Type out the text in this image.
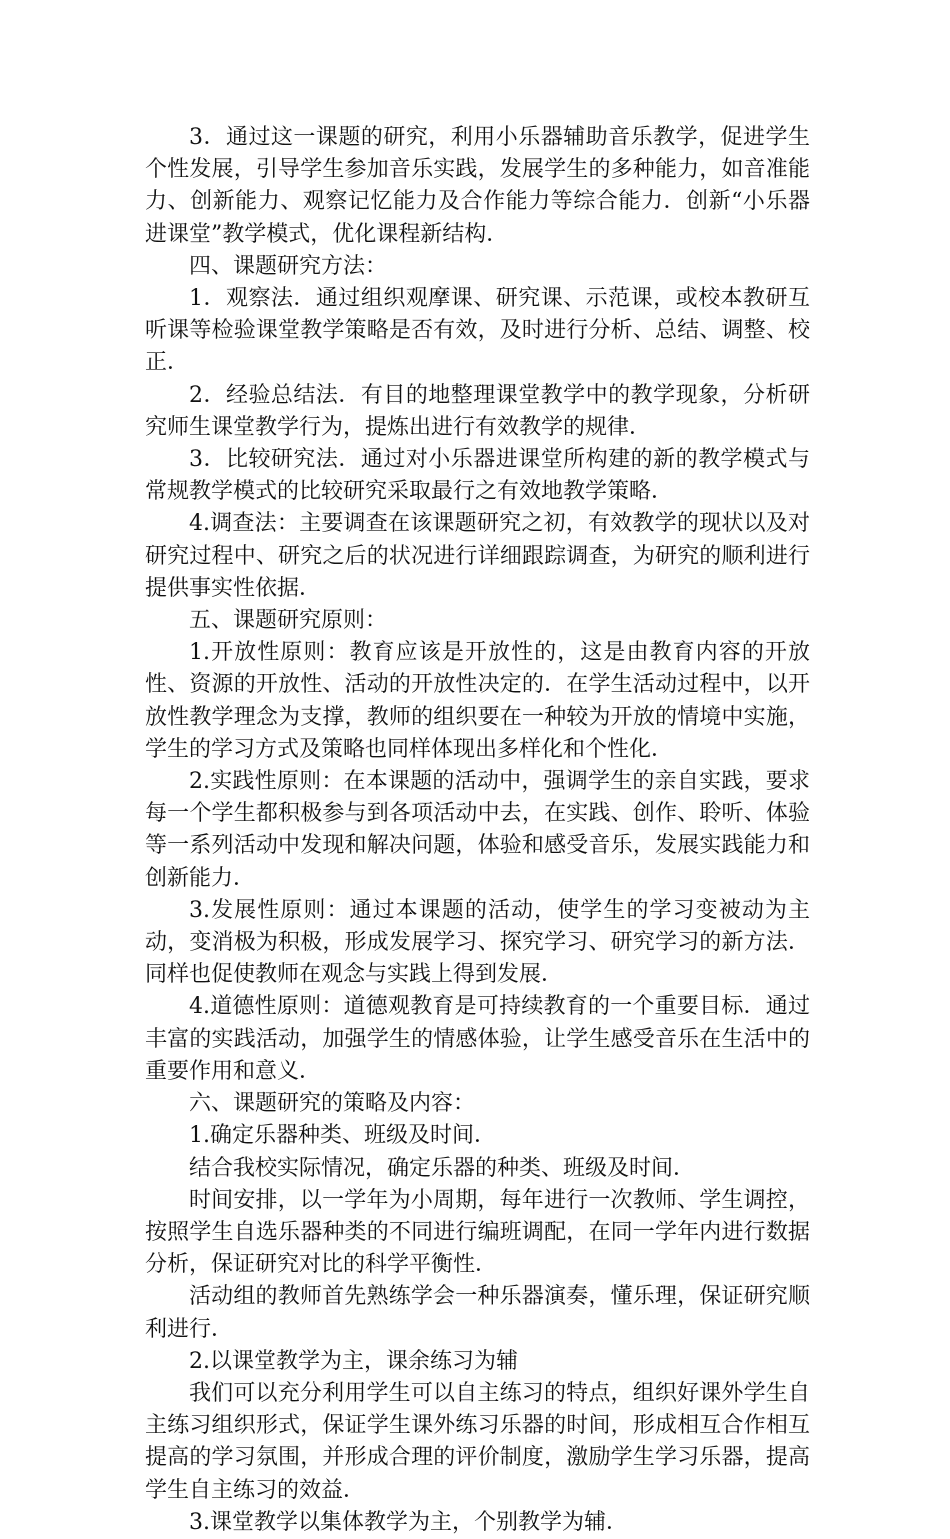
3．通过这一课题的研究，利用小乐器辅助音乐教学，促进学生个性发展，引导学生参加音乐实践，发展学生的多种能力，如音准能力、创新能力、观察记忆能力及合作能力等综合能力．创新“小乐器进课堂”教学模式，优化课程新结构．

四、课题研究方法：

1．观察法．通过组织观摩课、研究课、示范课，或校本教研互听课等检验课堂教学策略是否有效，及时进行分析、总结、调整、校正．

2．经验总结法．有目的地整理课堂教学中的教学现象，分析研究师生课堂教学行为，提炼出进行有效教学的规律．

3．比较研究法．通过对小乐器进课堂所构建的新的教学模式与常规教学模式的比较研究采取最行之有效地教学策略．

4.调查法：主要调查在该课题研究之初，有效教学的现状以及对研究过程中、研究之后的状况进行详细跟踪调查，为研究的顺利进行提供事实性依据．

五、课题研究原则：

1.开放性原则：教育应该是开放性的，这是由教育内容的开放性、资源的开放性、活动的开放性决定的．在学生活动过程中，以开放性教学理念为支撑，教师的组织要在一种较为开放的情境中实施，学生的学习方式及策略也同样体现出多样化和个性化．

2.实践性原则：在本课题的活动中，强调学生的亲自实践，要求每一个学生都积极参与到各项活动中去，在实践、创作、聆听、体验等一系列活动中发现和解决问题，体验和感受音乐，发展实践能力和创新能力．

3.发展性原则：通过本课题的活动，使学生的学习变被动为主动，变消极为积极，形成发展学习、探究学习、研究学习的新方法．同样也促使教师在观念与实践上得到发展．

4.道德性原则：道德观教育是可持续教育的一个重要目标．通过丰富的实践活动，加强学生的情感体验，让学生感受音乐在生活中的重要作用和意义．

六、课题研究的策略及内容：

1.确定乐器种类、班级及时间．

结合我校实际情况，确定乐器的种类、班级及时间．

时间安排，以一学年为小周期，每年进行一次教师、学生调控，按照学生自选乐器种类的不同进行编班调配，在同一学年内进行数据分析，保证研究对比的科学平衡性．

活动组的教师首先熟练学会一种乐器演奏，懂乐理，保证研究顺利进行．

2.以课堂教学为主，课余练习为辅

我们可以充分利用学生可以自主练习的特点，组织好课外学生自主练习组织形式，保证学生课外练习乐器的时间，形成相互合作相互提高的学习氛围，并形成合理的评价制度，激励学生学习乐器，提高学生自主练习的效益．

3.课堂教学以集体教学为主，个别教学为辅．
